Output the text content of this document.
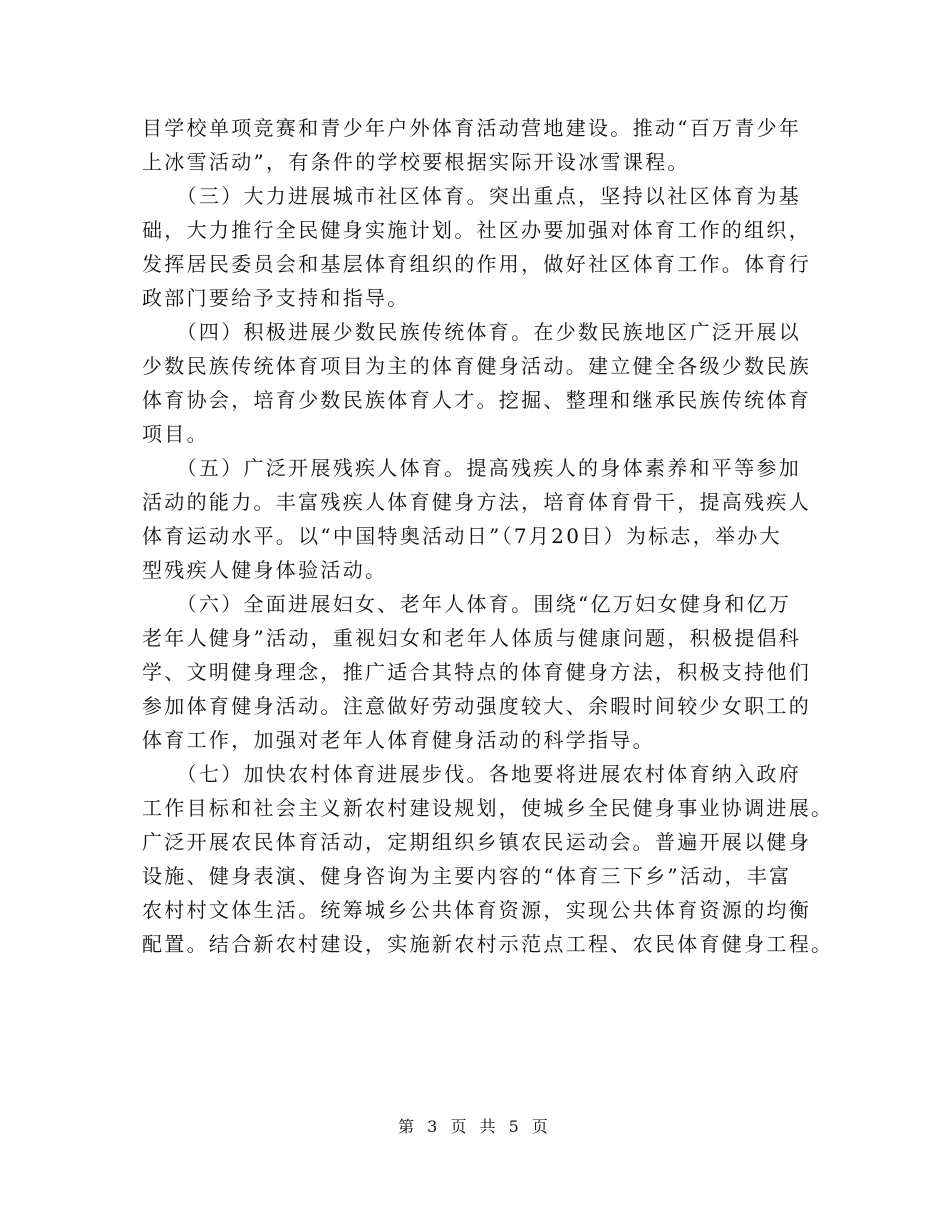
目学校单项竞赛和青少年户外体育活动营地建设。推动“百万青少年
上冰雪活动”，有条件的学校要根据实际开设冰雪课程。
　　（三）大力进展城市社区体育。突出重点，坚持以社区体育为基
础，大力推行全民健身实施计划。社区办要加强对体育工作的组织，
发挥居民委员会和基层体育组织的作用，做好社区体育工作。体育行
政部门要给予支持和指导。
　　（四）积极进展少数民族传统体育。在少数民族地区广泛开展以
少数民族传统体育项目为主的体育健身活动。建立健全各级少数民族
体育协会，培育少数民族体育人才。挖掘、整理和继承民族传统体育
项目。
　　（五）广泛开展残疾人体育。提高残疾人的身体素养和平等参加
活动的能力。丰富残疾人体育健身方法，培育体育骨干，提高残疾人
体育运动水平。以“中国特奥活动日”（7月20日）为标志，举办大
型残疾人健身体验活动。
　　（六）全面进展妇女、老年人体育。围绕“亿万妇女健身和亿万
老年人健身”活动，重视妇女和老年人体质与健康问题，积极提倡科
学、文明健身理念，推广适合其特点的体育健身方法，积极支持他们
参加体育健身活动。注意做好劳动强度较大、余暇时间较少女职工的
体育工作，加强对老年人体育健身活动的科学指导。
　　（七）加快农村体育进展步伐。各地要将进展农村体育纳入政府
工作目标和社会主义新农村建设规划，使城乡全民健身事业协调进展。
广泛开展农民体育活动，定期组织乡镇农民运动会。普遍开展以健身
设施、健身表演、健身咨询为主要内容的“体育三下乡”活动，丰富
农村村文体生活。统筹城乡公共体育资源，实现公共体育资源的均衡
配置。结合新农村建设，实施新农村示范点工程、农民体育健身工程。
第 3 页 共 5 页
